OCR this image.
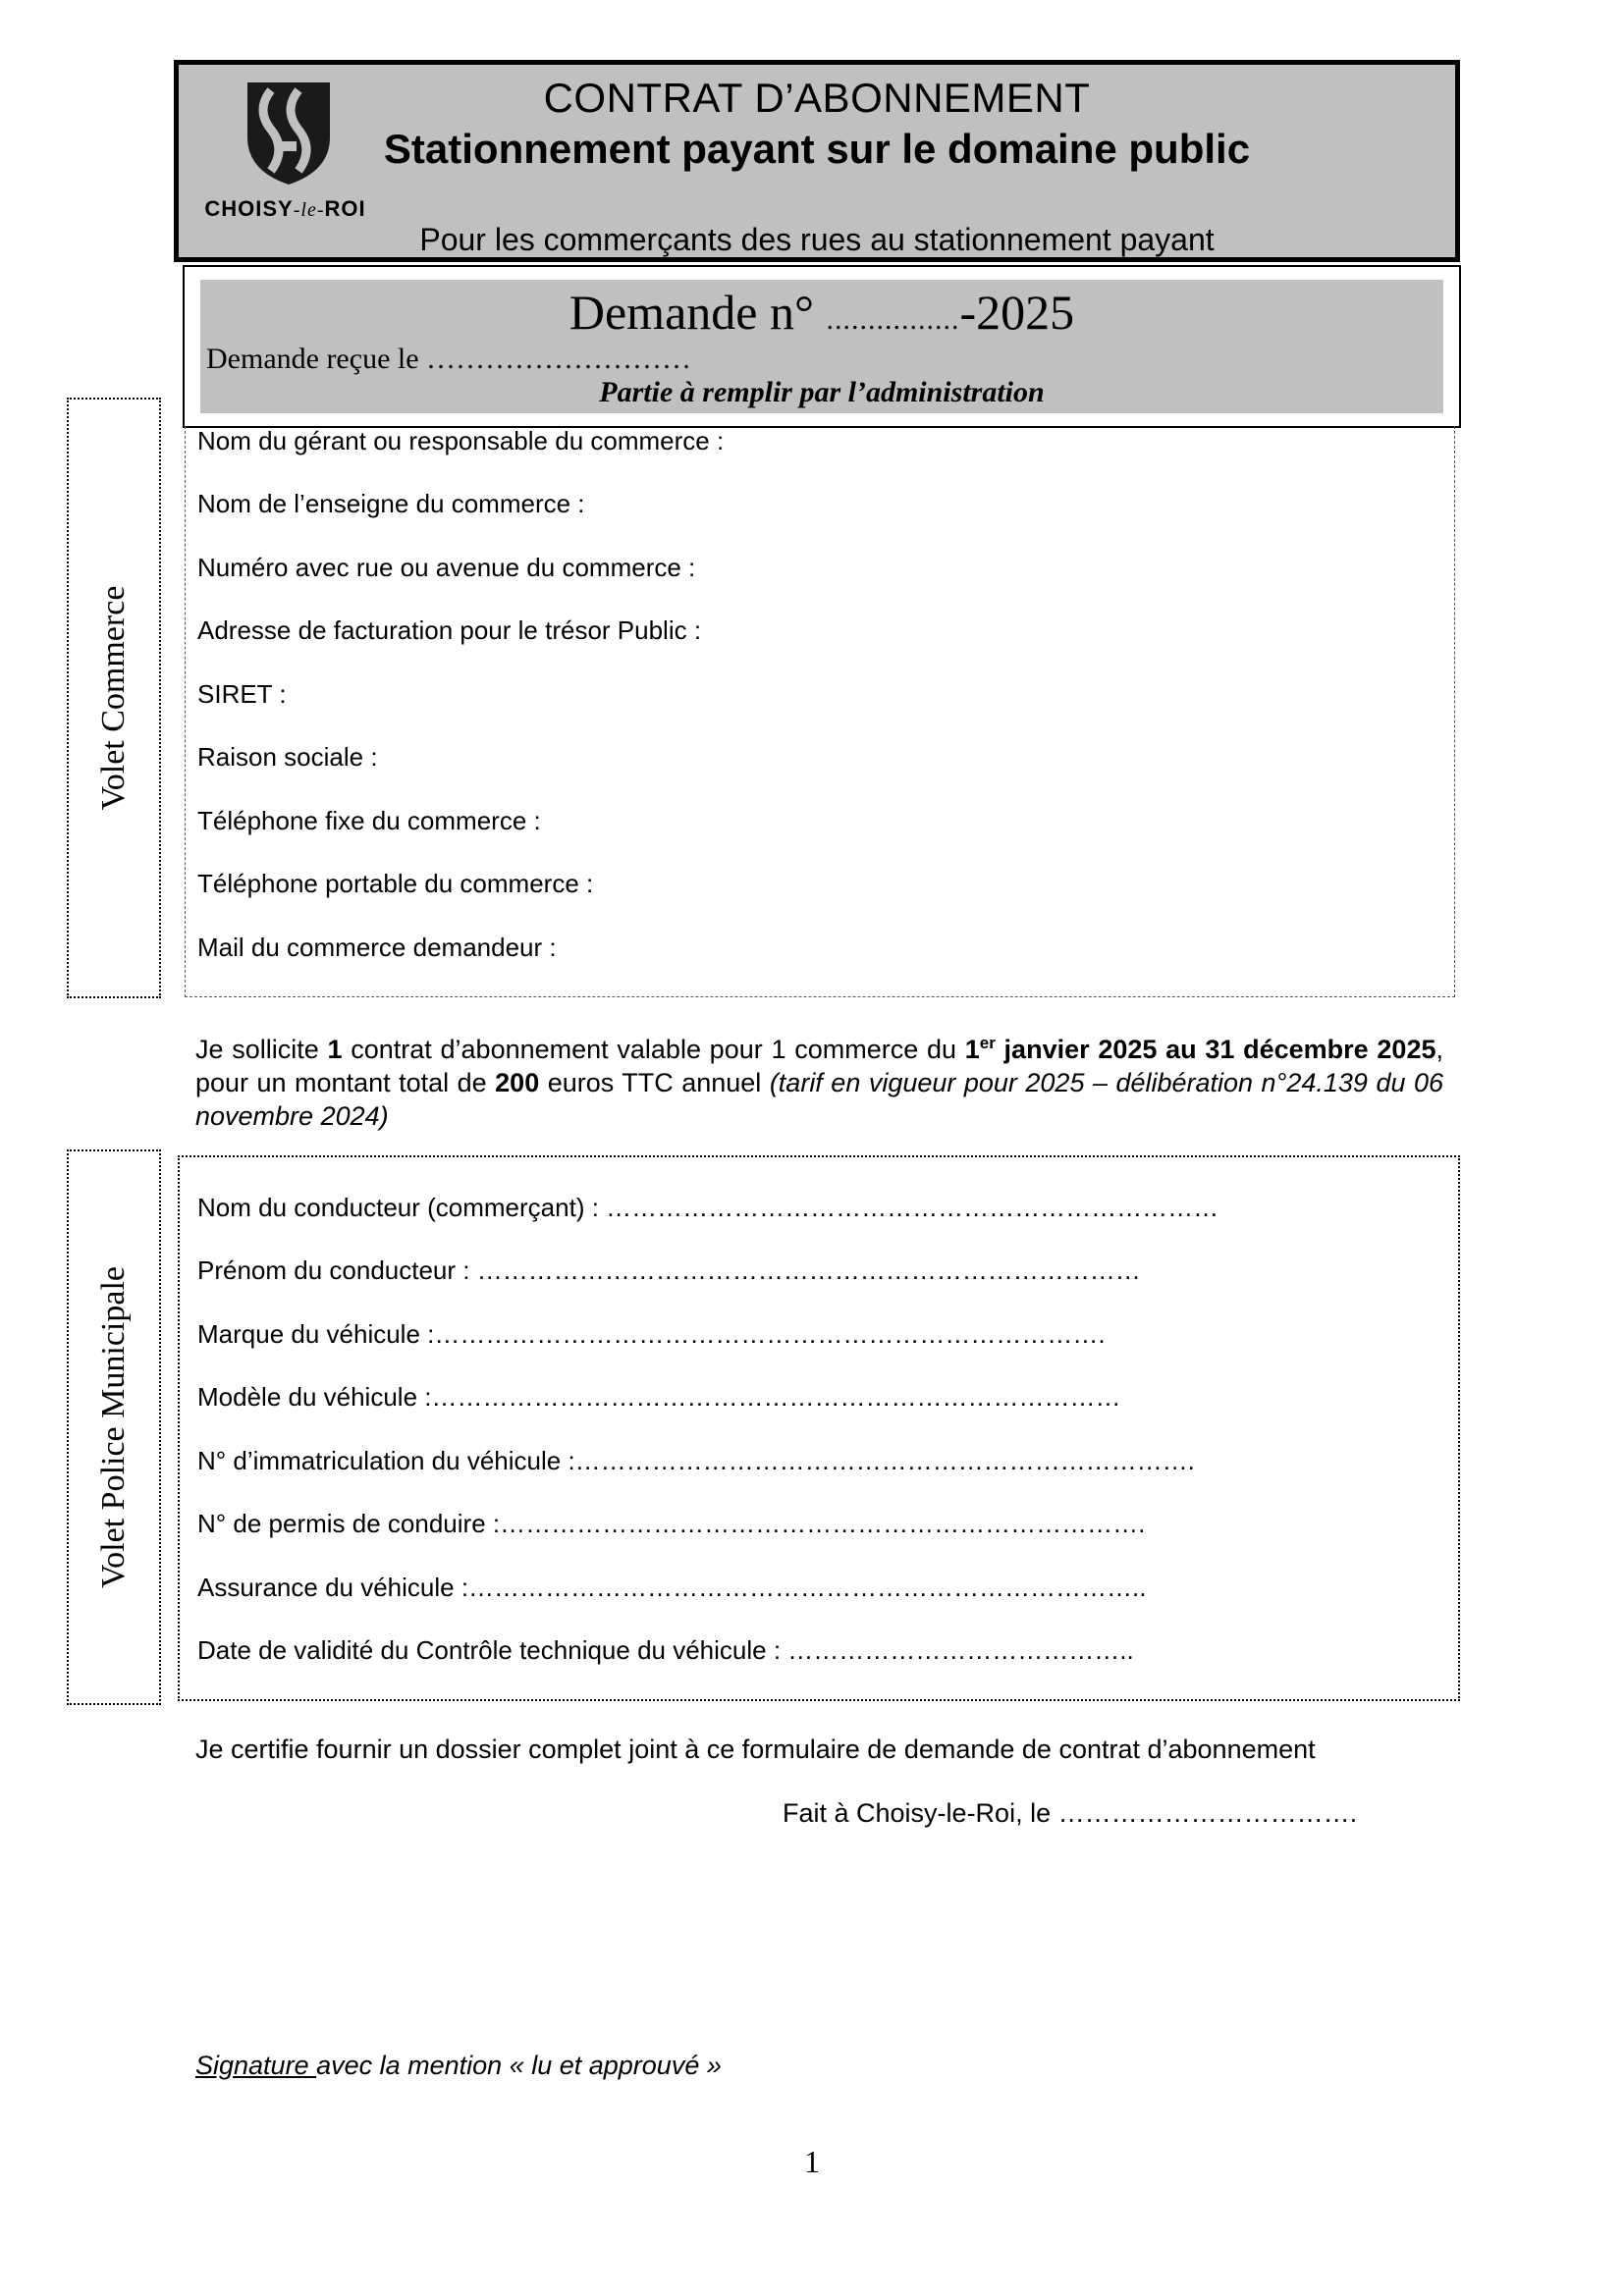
CHOISY-le-ROI
CONTRAT D’ABONNEMENT
Stationnement payant sur le domaine public
Pour les commerçants des rues au stationnement payant
Demande n° ................-2025
Demande reçue le ………………………
Partie à remplir par l’administration
Volet Commerce
Volet Police Municipale
Nom du gérant ou responsable du commerce :
Nom de l’enseigne du commerce :
Numéro avec rue ou avenue du commerce :
Adresse de facturation pour le trésor Public :
SIRET :
Raison sociale :
Téléphone fixe du commerce :
Téléphone portable du commerce :
Mail du commerce demandeur :
Je sollicite 1 contrat d’abonnement valable pour 1 commerce du 1er janvier 2025 au 31 décembre 2025, pour un montant total de 200 euros TTC annuel (tarif en vigueur pour 2025 – délibération n°24.139 du 06 novembre 2024)
Nom du conducteur (commerçant) : ………………………………………………………………
Prénom du conducteur : ……………………………………………………………………
Marque du véhicule :…………………………………………………………………….
Modèle du véhicule :………………………………………………………………………
N° d’immatriculation du véhicule :……………………………………………………………….
N° de permis de conduire :………………………………………………………………….
Assurance du véhicule :……………………………………………………………………..
Date de validité du Contrôle technique du véhicule : …………………………………..
Je certifie fournir un dossier complet joint à ce formulaire de demande de contrat d’abonnement
Fait à Choisy-le-Roi, le …………………………….
Signature avec la mention « lu et approuvé »
1
